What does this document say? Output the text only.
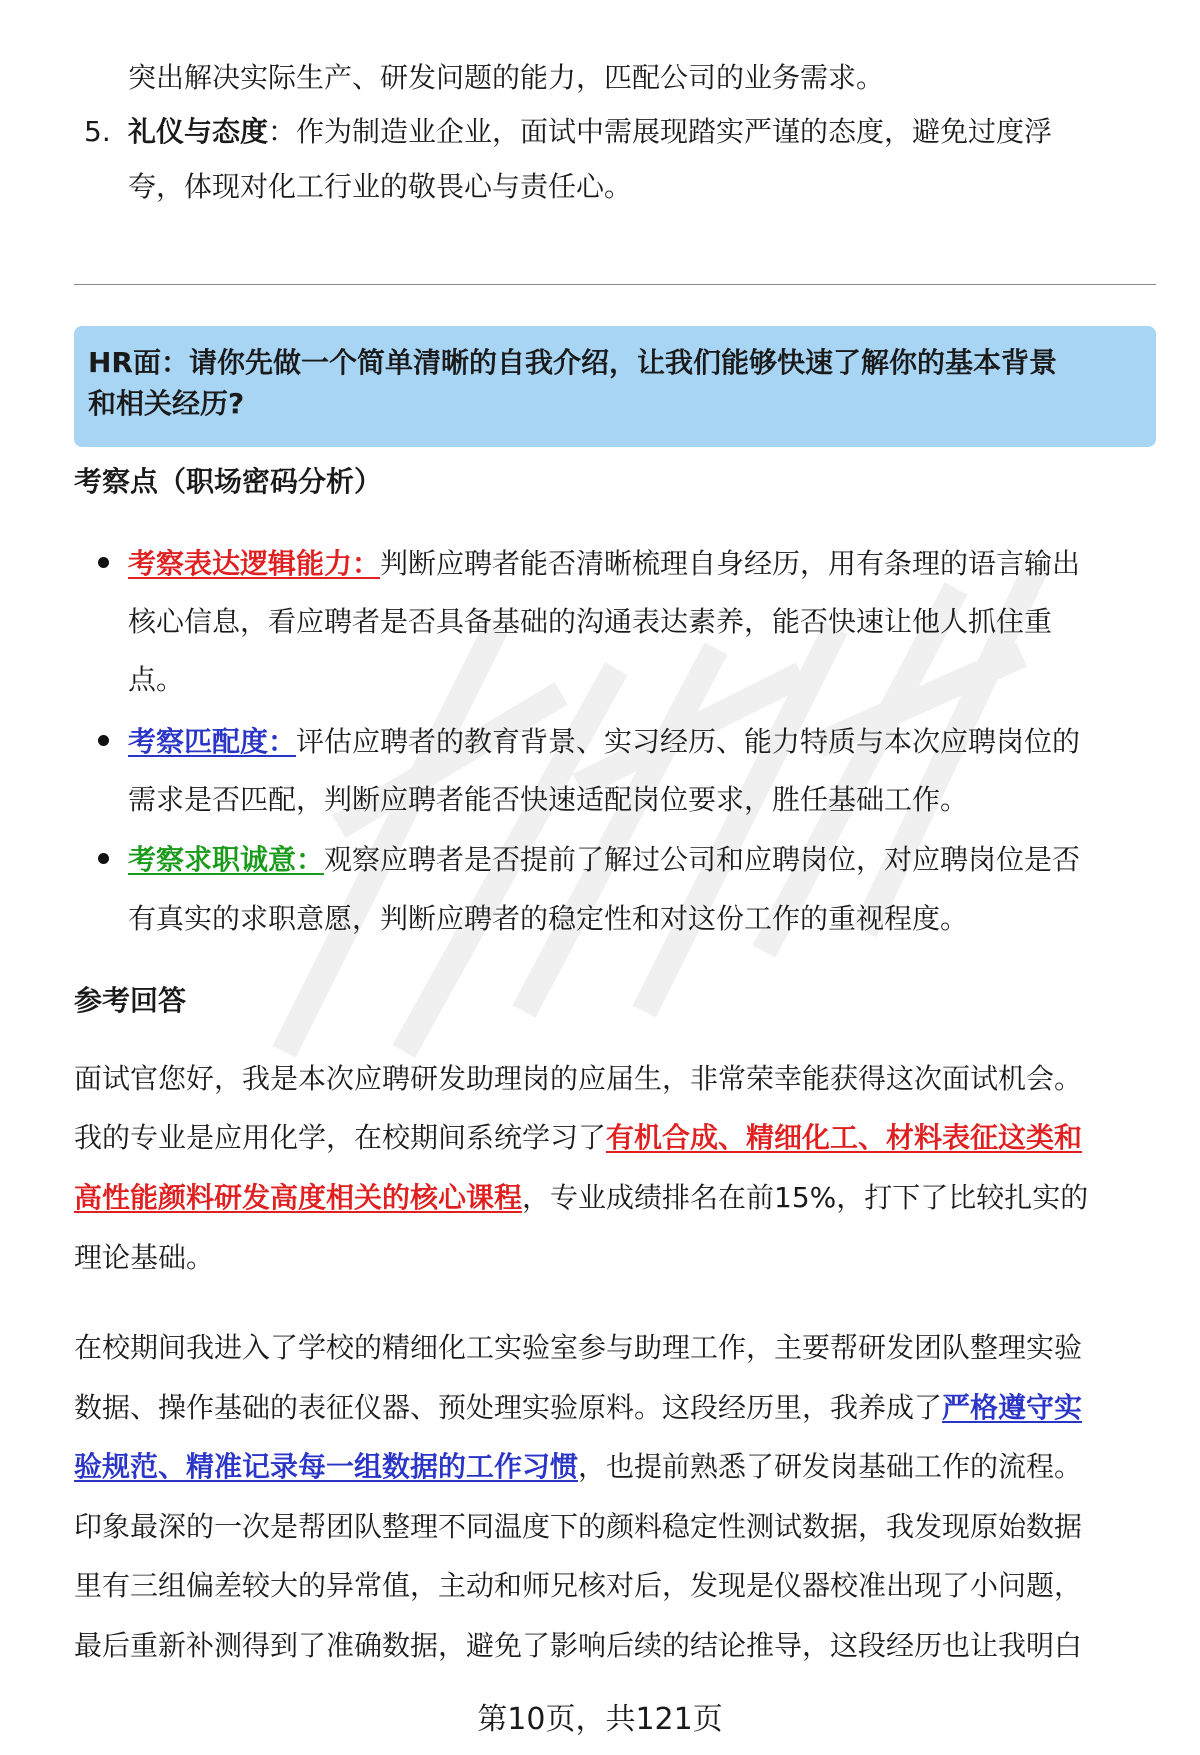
突出解决实际生产、研发问题的能力，匹配公司的业务需求。

5. 礼仪与态度：作为制造业企业，面试中需展现踏实严谨的态度，避免过度浮

夸，体现对化工行业的敬畏心与责任心。

HR面：请你先做一个简单清晰的自我介绍，让我们能够快速了解你的基本背景
和相关经历?
考察点（职场密码分析）

考察表达逻辑能力：判断应聘者能否清晰梳理自身经历，用有条理的语言输出

核心信息，看应聘者是否具备基础的沟通表达素养，能否快速让他人抓住重

点。

考察匹配度：评估应聘者的教育背景、实习经历、能力特质与本次应聘岗位的

需求是否匹配，判断应聘者能否快速适配岗位要求，胜任基础工作。

考察求职诚意：观察应聘者是否提前了解过公司和应聘岗位，对应聘岗位是否

有真实的求职意愿，判断应聘者的稳定性和对这份工作的重视程度。

参考回答

面试官您好，我是本次应聘研发助理岗的应届生，非常荣幸能获得这次面试机会。

我的专业是应用化学，在校期间系统学习了有机合成、精细化工、材料表征这类和

高性能颜料研发高度相关的核心课程，专业成绩排名在前15%，打下了比较扎实的

理论基础。

在校期间我进入了学校的精细化工实验室参与助理工作，主要帮研发团队整理实验

数据、操作基础的表征仪器、预处理实验原料。这段经历里，我养成了严格遵守实

验规范、精准记录每一组数据的工作习惯，也提前熟悉了研发岗基础工作的流程。

印象最深的一次是帮团队整理不同温度下的颜料稳定性测试数据，我发现原始数据

里有三组偏差较大的异常值，主动和师兄核对后，发现是仪器校准出现了小问题，

最后重新补测得到了准确数据，避免了影响后续的结论推导，这段经历也让我明白

第10页，共121页
